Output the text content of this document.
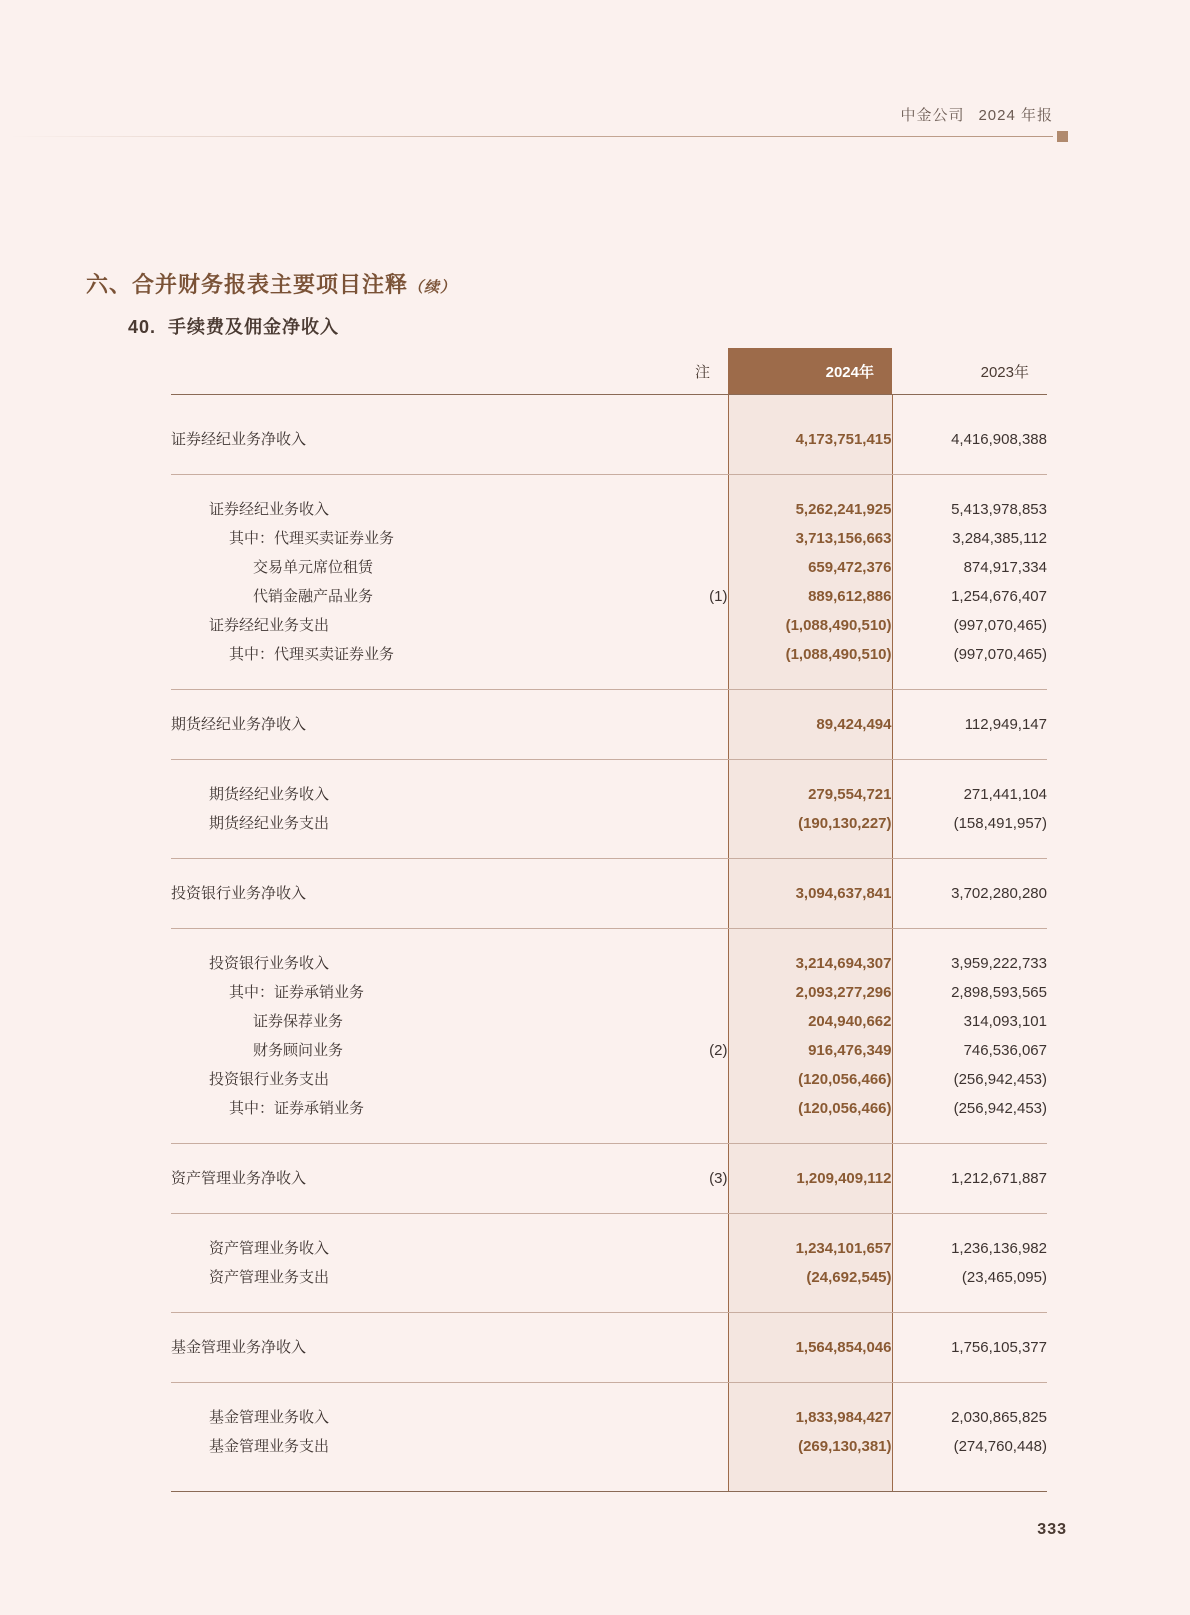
中金公司 2024 年报
六、合并财务报表主要项目注释（续）
40. 手续费及佣金净收入
	注	2024年	2023年

证券经纪业务净收入		4,173,751,415	4,416,908,388

证券经纪业务收入		5,262,241,925	5,413,978,853
其中：代理买卖证券业务		3,713,156,663	3,284,385,112
交易单元席位租赁		659,472,376	874,917,334
代销金融产品业务	(1)	889,612,886	1,254,676,407
证券经纪业务支出		(1,088,490,510)	(997,070,465)
其中：代理买卖证券业务		(1,088,490,510)	(997,070,465)

期货经纪业务净收入		89,424,494	112,949,147

期货经纪业务收入		279,554,721	271,441,104
期货经纪业务支出		(190,130,227)	(158,491,957)

投资银行业务净收入		3,094,637,841	3,702,280,280

投资银行业务收入		3,214,694,307	3,959,222,733
其中：证券承销业务		2,093,277,296	2,898,593,565
证券保荐业务		204,940,662	314,093,101
财务顾问业务	(2)	916,476,349	746,536,067
投资银行业务支出		(120,056,466)	(256,942,453)
其中：证券承销业务		(120,056,466)	(256,942,453)

资产管理业务净收入	(3)	1,209,409,112	1,212,671,887

资产管理业务收入		1,234,101,657	1,236,136,982
资产管理业务支出		(24,692,545)	(23,465,095)

基金管理业务净收入		1,564,854,046	1,756,105,377

基金管理业务收入		1,833,984,427	2,030,865,825
基金管理业务支出		(269,130,381)	(274,760,448)

333
